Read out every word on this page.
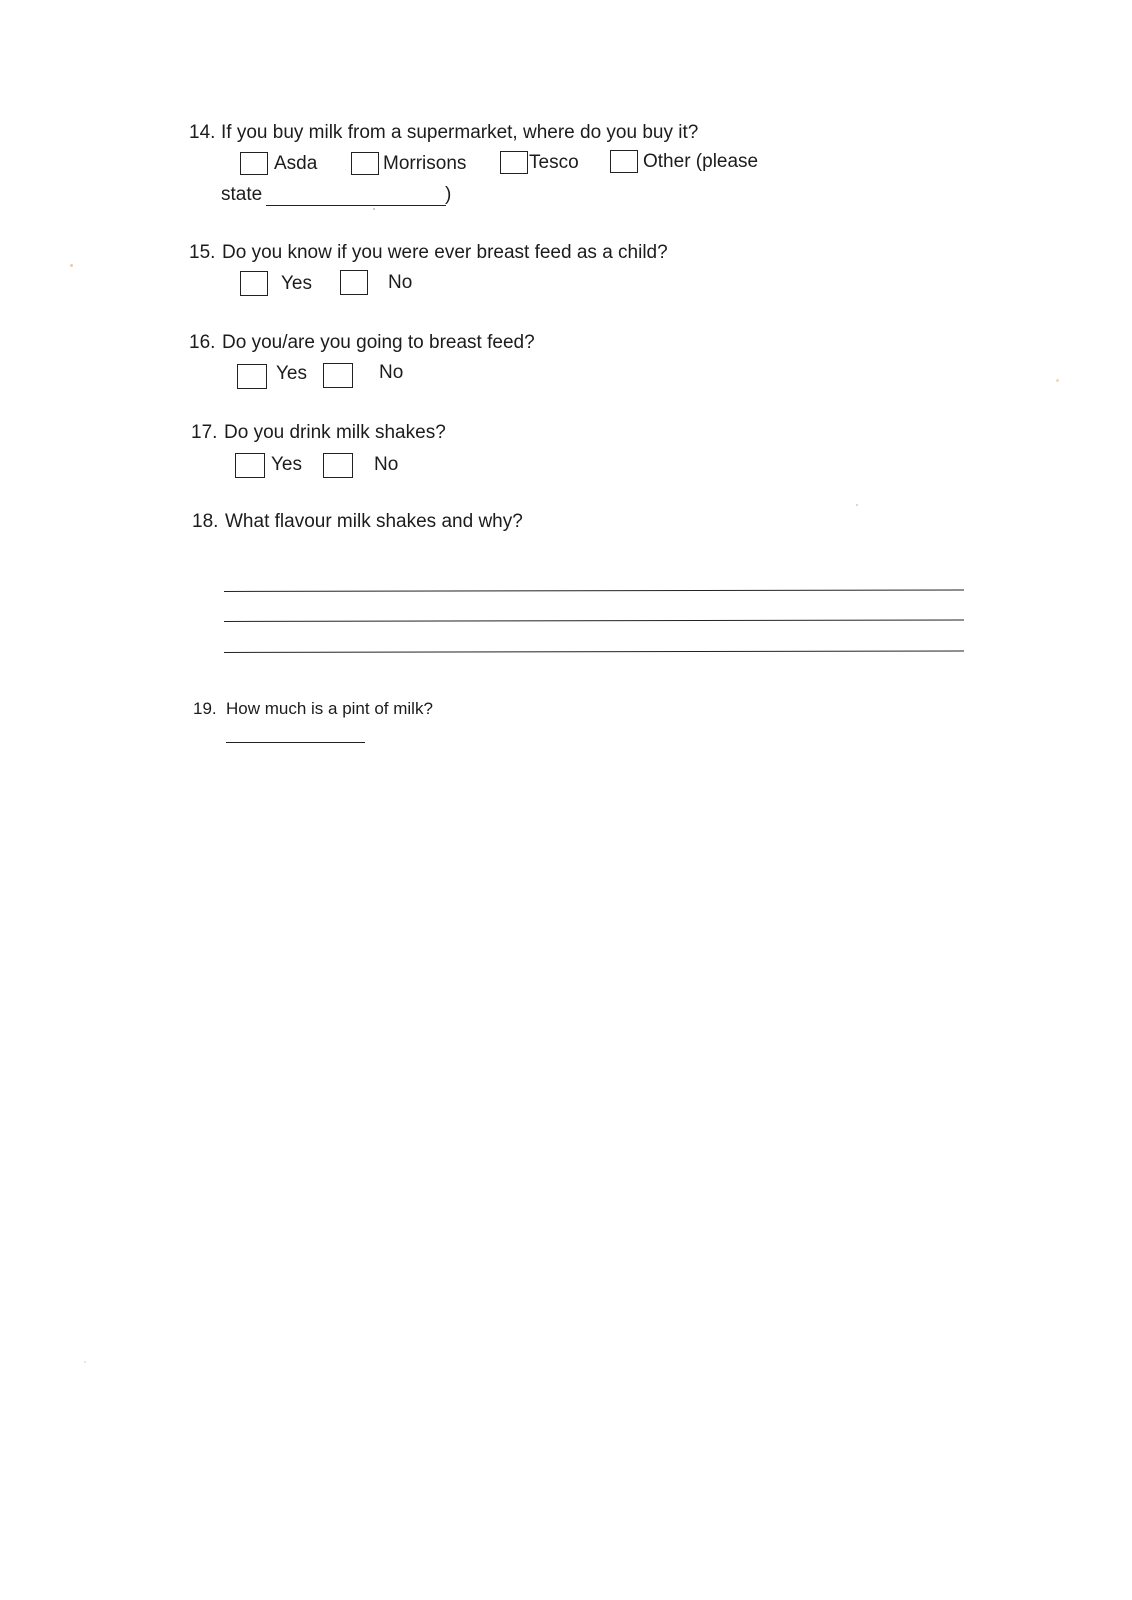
14. If you buy milk from a supermarket, where do you buy it?
Asda	Morrisons	Tesco	Other (please
state	)
15. Do you know if you were ever breast feed as a child?
Yes	No
16. Do you/are you going to breast feed?
Yes	No
17. Do you drink milk shakes?
Yes	No
18. What flavour milk shakes and why?
19. How much is a pint of milk?
